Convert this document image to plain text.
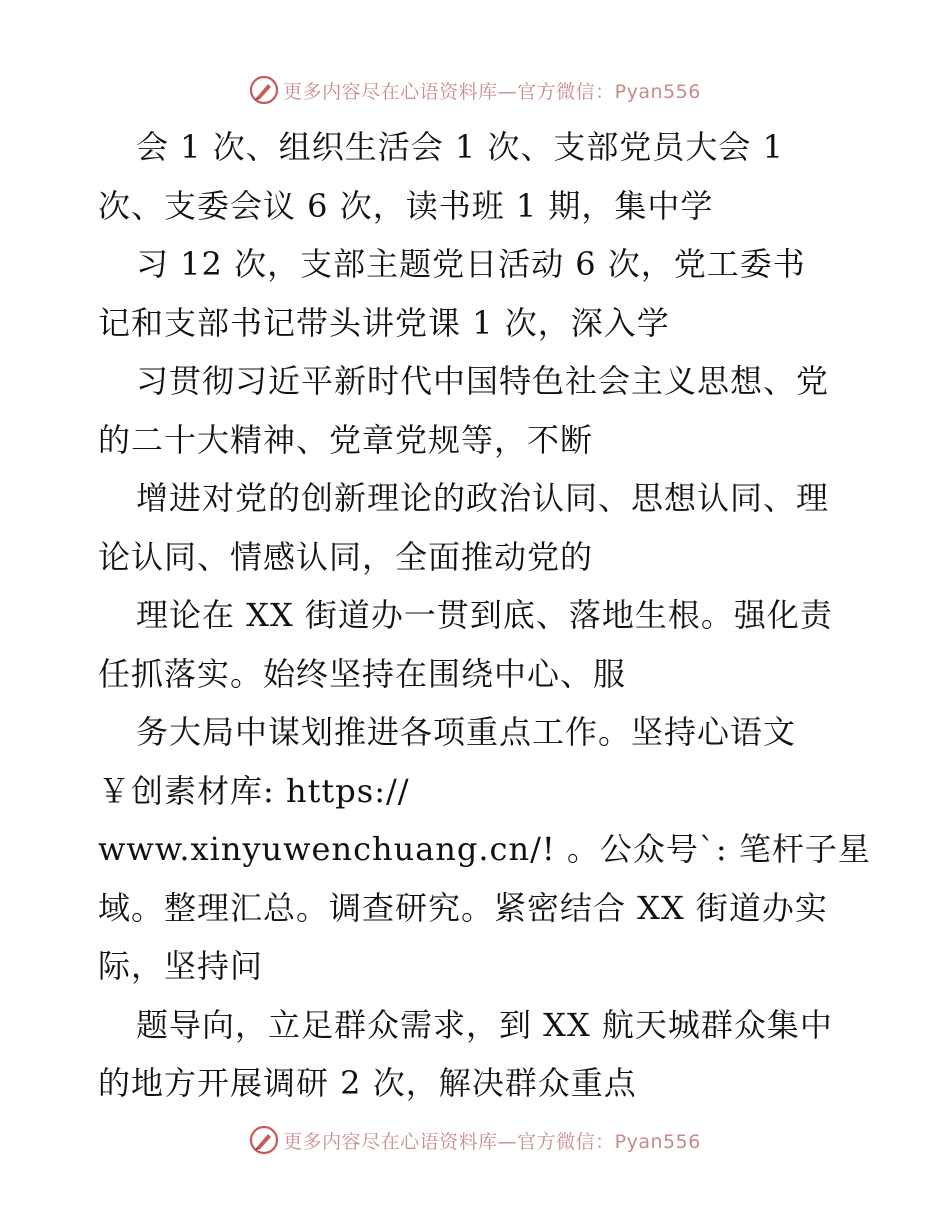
更多内容尽在心语资料库—官方微信：Pyan556
会 1 次、组织生活会 1 次、支部党员大会 1
次、支委会议 6 次，读书班 1 期，集中学
习 12 次，支部主题党日活动 6 次，党工委书
记和支部书记带头讲党课 1 次，深入学
习贯彻习近平新时代中国特色社会主义思想、党
的二十大精神、党章党规等，不断
增进对党的创新理论的政治认同、思想认同、理
论认同、情感认同，全面推动党的
理论在 XX 街道办一贯到底、落地生根。强化责
任抓落实。始终坚持在围绕中心、服
务大局中谋划推进各项重点工作。坚持心语文
￥创素材库: https://
www.xinyuwenchuang.cn/! 。公众号`: 笔杆子星
域。整理汇总。调查研究。紧密结合 XX 街道办实
际，坚持问
题导向，立足群众需求，到 XX 航天城群众集中
的地方开展调研 2 次，解决群众重点
更多内容尽在心语资料库—官方微信：Pyan556
